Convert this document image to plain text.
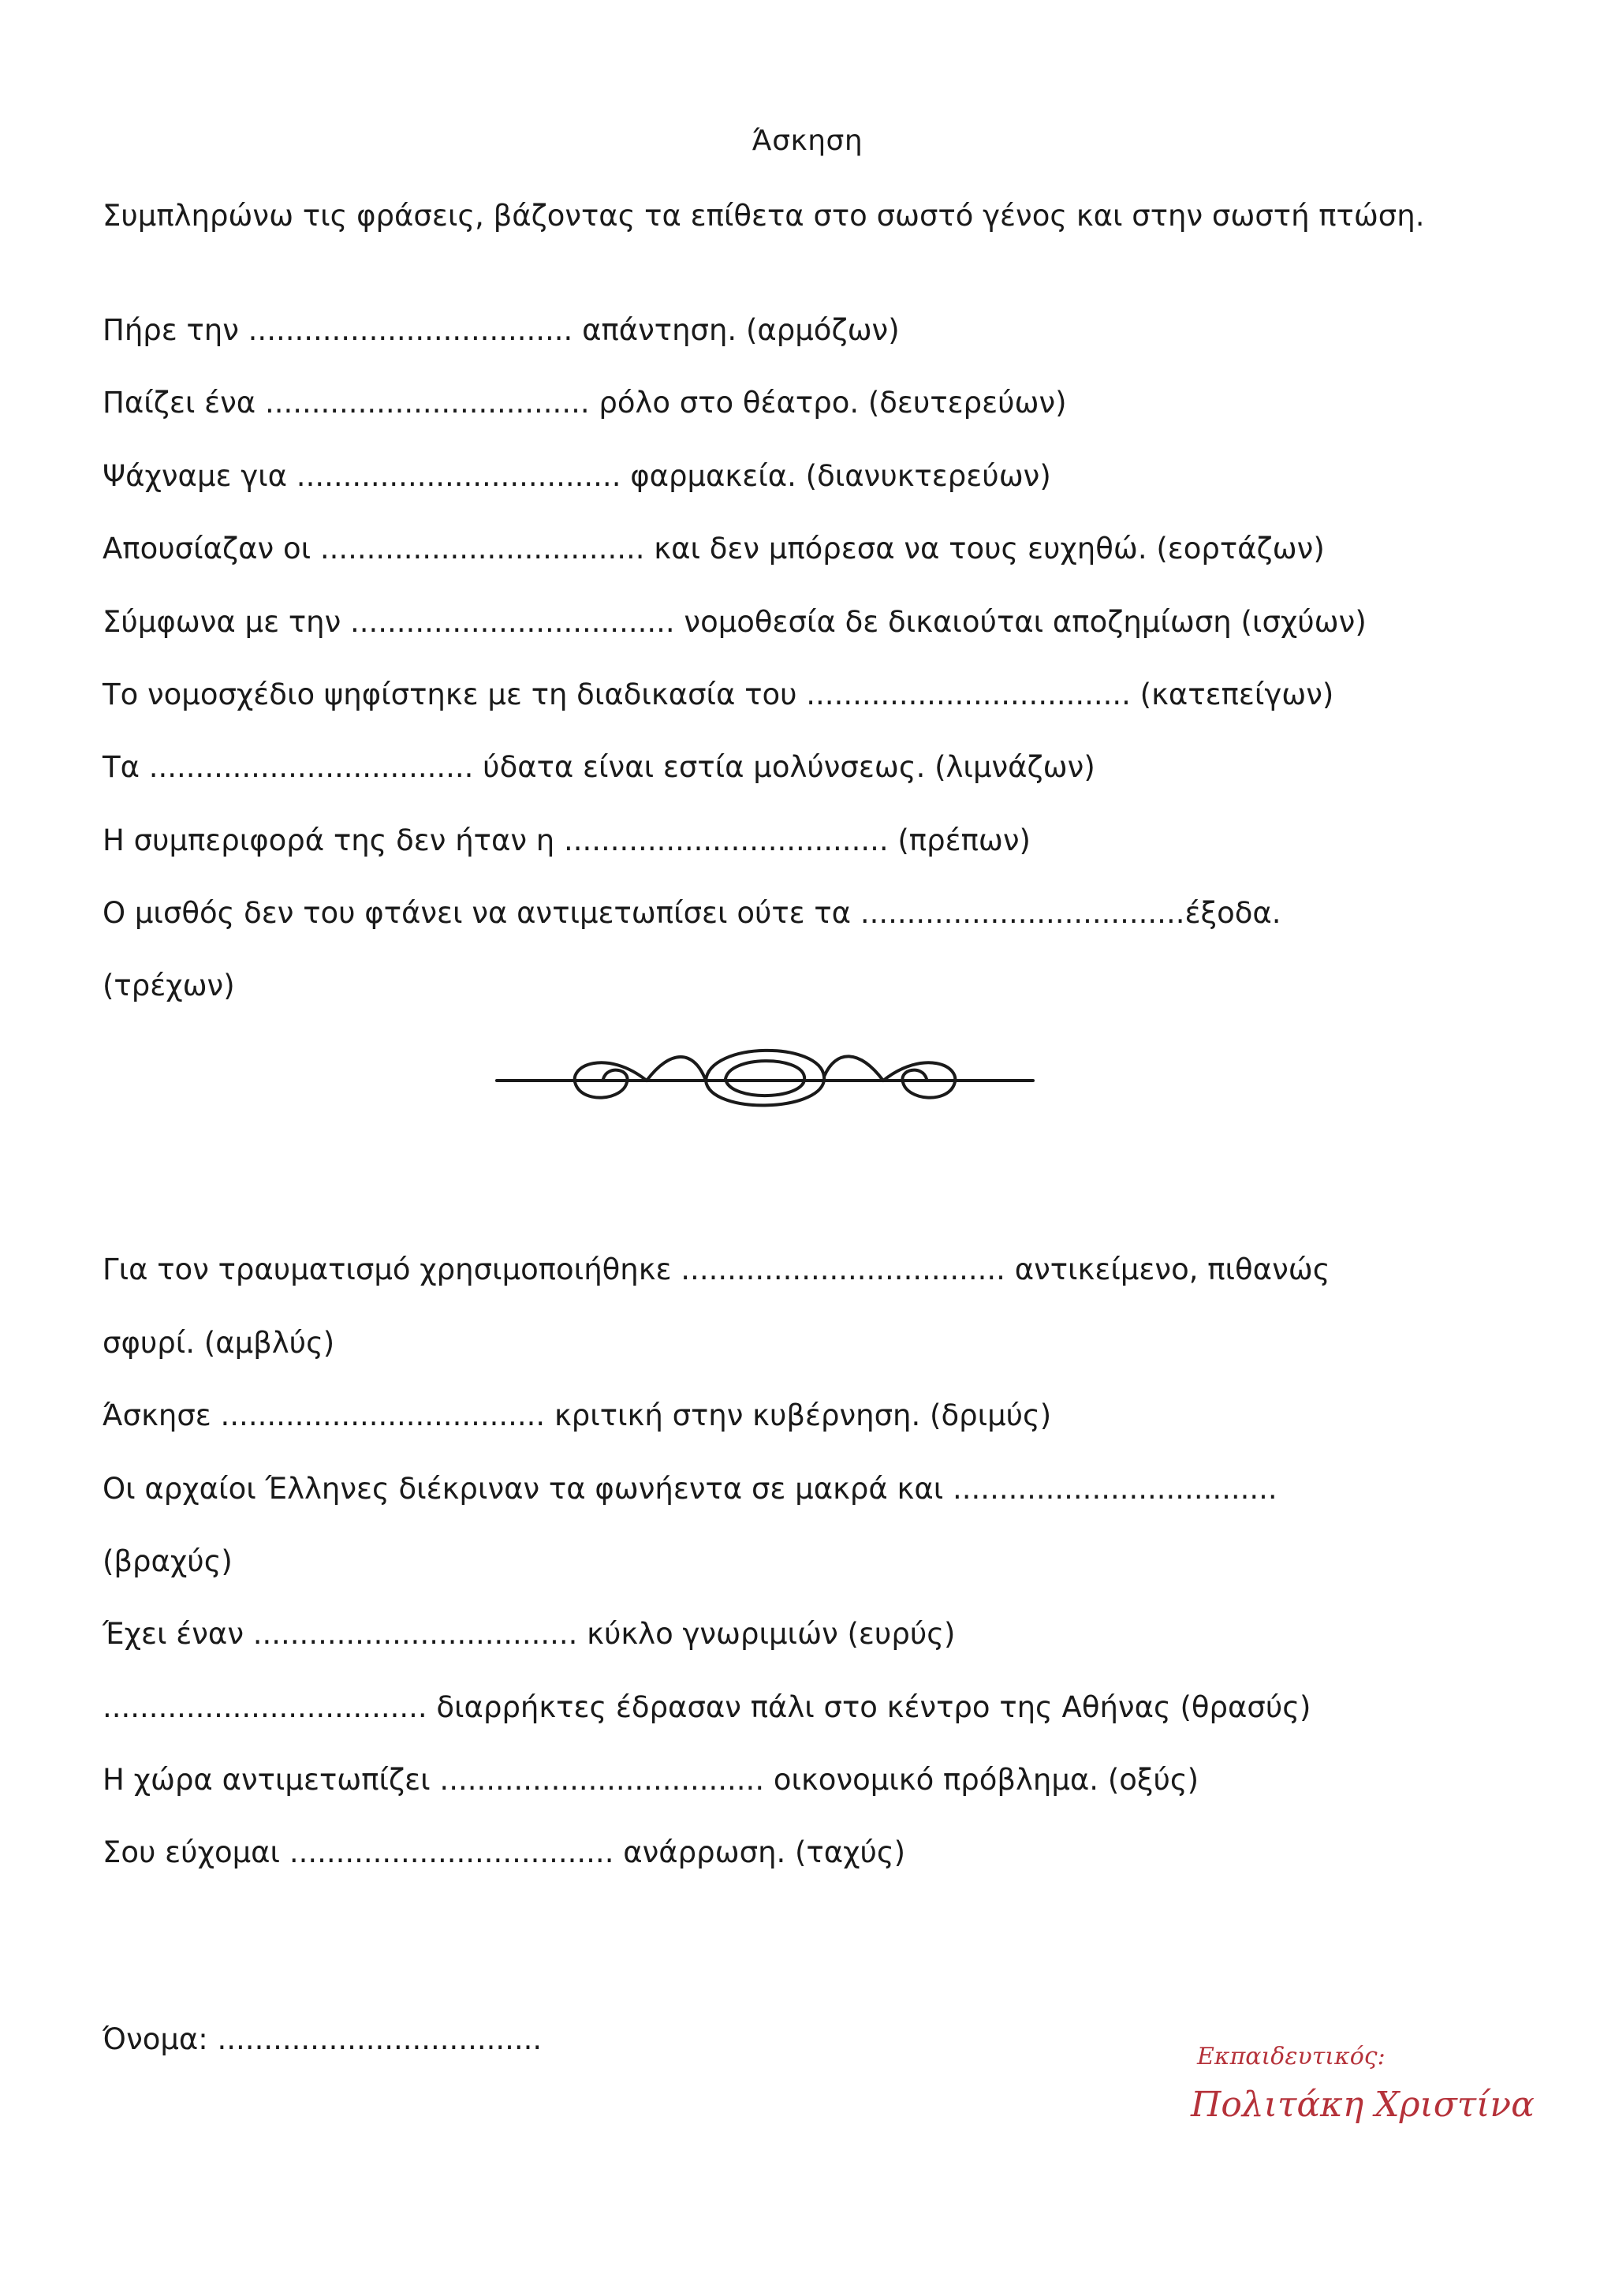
Άσκηση
Συμπληρώνω τις φράσεις, βάζοντας τα επίθετα στο σωστό γένος και στην σωστή πτώση.
Πήρε την ................................... απάντηση. (αρμόζων)
Παίζει ένα ................................... ρόλο στο θέατρο. (δευτερεύων)
Ψάχναμε για ................................... φαρμακεία. (διανυκτερεύων)
Απουσίαζαν οι ................................... και δεν μπόρεσα να τους ευχηθώ. (εορτάζων)
Σύμφωνα με την ................................... νομοθεσία δε δικαιούται αποζημίωση (ισχύων)
Το νομοσχέδιο ψηφίστηκε με τη διαδικασία του ................................... (κατεπείγων)
Τα ................................... ύδατα είναι εστία μολύνσεως. (λιμνάζων)
Η συμπεριφορά της δεν ήταν η ................................... (πρέπων)
Ο μισθός δεν του φτάνει να αντιμετωπίσει ούτε τα ...................................έξοδα.
(τρέχων)
Για τον τραυματισμό χρησιμοποιήθηκε ................................... αντικείμενο, πιθανώς
σφυρί. (αμβλύς)
Άσκησε ................................... κριτική στην κυβέρνηση. (δριμύς)
Οι αρχαίοι Έλληνες διέκριναν τα φωνήεντα σε μακρά και ...................................
(βραχύς)
Έχει έναν ................................... κύκλο γνωριμιών (ευρύς)
................................... διαρρήκτες έδρασαν πάλι στο κέντρο της Αθήνας (θρασύς)
Η χώρα αντιμετωπίζει ................................... οικονομικό πρόβλημα. (οξύς)
Σου εύχομαι ................................... ανάρρωση. (ταχύς)
Όνομα: ...................................
Εκπαιδευτικός:
Πολιτάκη Χριστίνα
